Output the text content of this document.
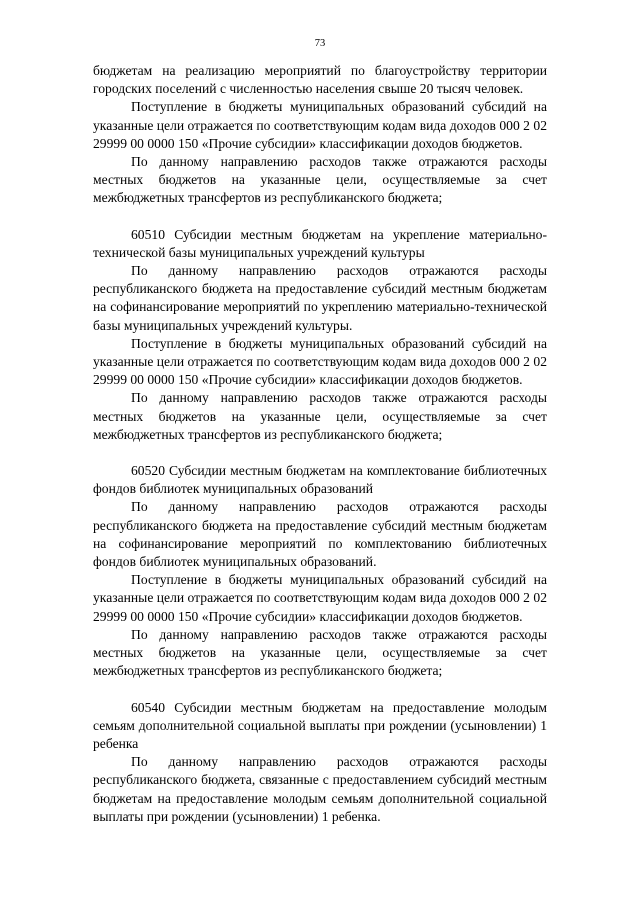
73

бюджетам на реализацию мероприятий по благоустройству территории городских поселений с численностью населения свыше 20 тысяч человек.

Поступление в бюджеты муниципальных образований субсидий на указанные цели отражается по соответствующим кодам вида доходов 000 2 02 29999 00 0000 150 «Прочие субсидии» классификации доходов бюджетов.

По данному направлению расходов также отражаются расходы местных бюджетов на указанные цели, осуществляемые за счет межбюджетных трансфертов из республиканского бюджета;

60510 Субсидии местным бюджетам на укрепление материально-технической базы муниципальных учреждений культуры

По данному направлению расходов отражаются расходы республиканского бюджета на предоставление субсидий местным бюджетам на софинансирование мероприятий по укреплению материально-технической базы муниципальных учреждений культуры.

Поступление в бюджеты муниципальных образований субсидий на указанные цели отражается по соответствующим кодам вида доходов 000 2 02 29999 00 0000 150 «Прочие субсидии» классификации доходов бюджетов.

По данному направлению расходов также отражаются расходы местных бюджетов на указанные цели, осуществляемые за счет межбюджетных трансфертов из республиканского бюджета;

60520 Субсидии местным бюджетам на комплектование библиотечных фондов библиотек муниципальных образований

По данному направлению расходов отражаются расходы республиканского бюджета на предоставление субсидий местным бюджетам на софинансирование мероприятий по комплектованию библиотечных фондов библиотек муниципальных образований.

Поступление в бюджеты муниципальных образований субсидий на указанные цели отражается по соответствующим кодам вида доходов 000 2 02 29999 00 0000 150 «Прочие субсидии» классификации доходов бюджетов.

По данному направлению расходов также отражаются расходы местных бюджетов на указанные цели, осуществляемые за счет межбюджетных трансфертов из республиканского бюджета;

60540 Субсидии местным бюджетам на предоставление молодым семьям дополнительной социальной выплаты при рождении (усыновлении) 1 ребенка

По данному направлению расходов отражаются расходы республиканского бюджета, связанные с предоставлением субсидий местным бюджетам на предоставление молодым семьям дополнительной социальной выплаты при рождении (усыновлении) 1 ребенка.
